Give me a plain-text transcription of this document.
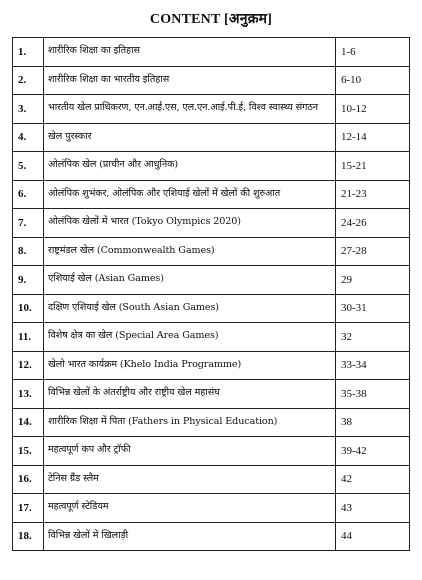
CONTENT [अनुक्रम]
1.	शारीरिक शिक्षा का इतिहास	1-6
2.	शारीरिक शिक्षा का भारतीय इतिहास	6-10
3.	भारतीय खेल प्राधिकरण, एन.आई.एस, एल.एन.आई.पी.ई, विश्व स्वास्थ्य संगठन	10-12
4.	खेल पुरस्कार	12-14
5.	ओलंपिक खेल (प्राचीन और आधुनिक)	15-21
6.	ओलंपिक शुभंकर, ओलंपिक और एशियाई खेलों में खेलों की शुरुआत	21-23
7.	ओलंपिक खेलों में भारत (Tokyo Olympics 2020)	24-26
8.	राष्ट्रमंडल खेल (Commonwealth Games)	27-28
9.	एशियाई खेल (Asian Games)	29
10.	दक्षिण एशियाई खेल (South Asian Games)	30-31
11.	विशेष क्षेत्र का खेल (Special Area Games)	32
12.	खेलो भारत कार्यक्रम (Khelo India Programme)	33-34
13.	विभिन्न खेलों के अंतर्राष्ट्रीय और राष्ट्रीय खेल महासंघ	35-38
14.	शारीरिक शिक्षा में पिता (Fathers in Physical Education)	38
15.	महत्वपूर्ण कप और ट्रॉफी	39-42
16.	टेनिस ग्रैंड स्लैम	42
17.	महत्वपूर्ण स्टेडियम	43
18.	विभिन्न खेलों में खिलाड़ी	44
